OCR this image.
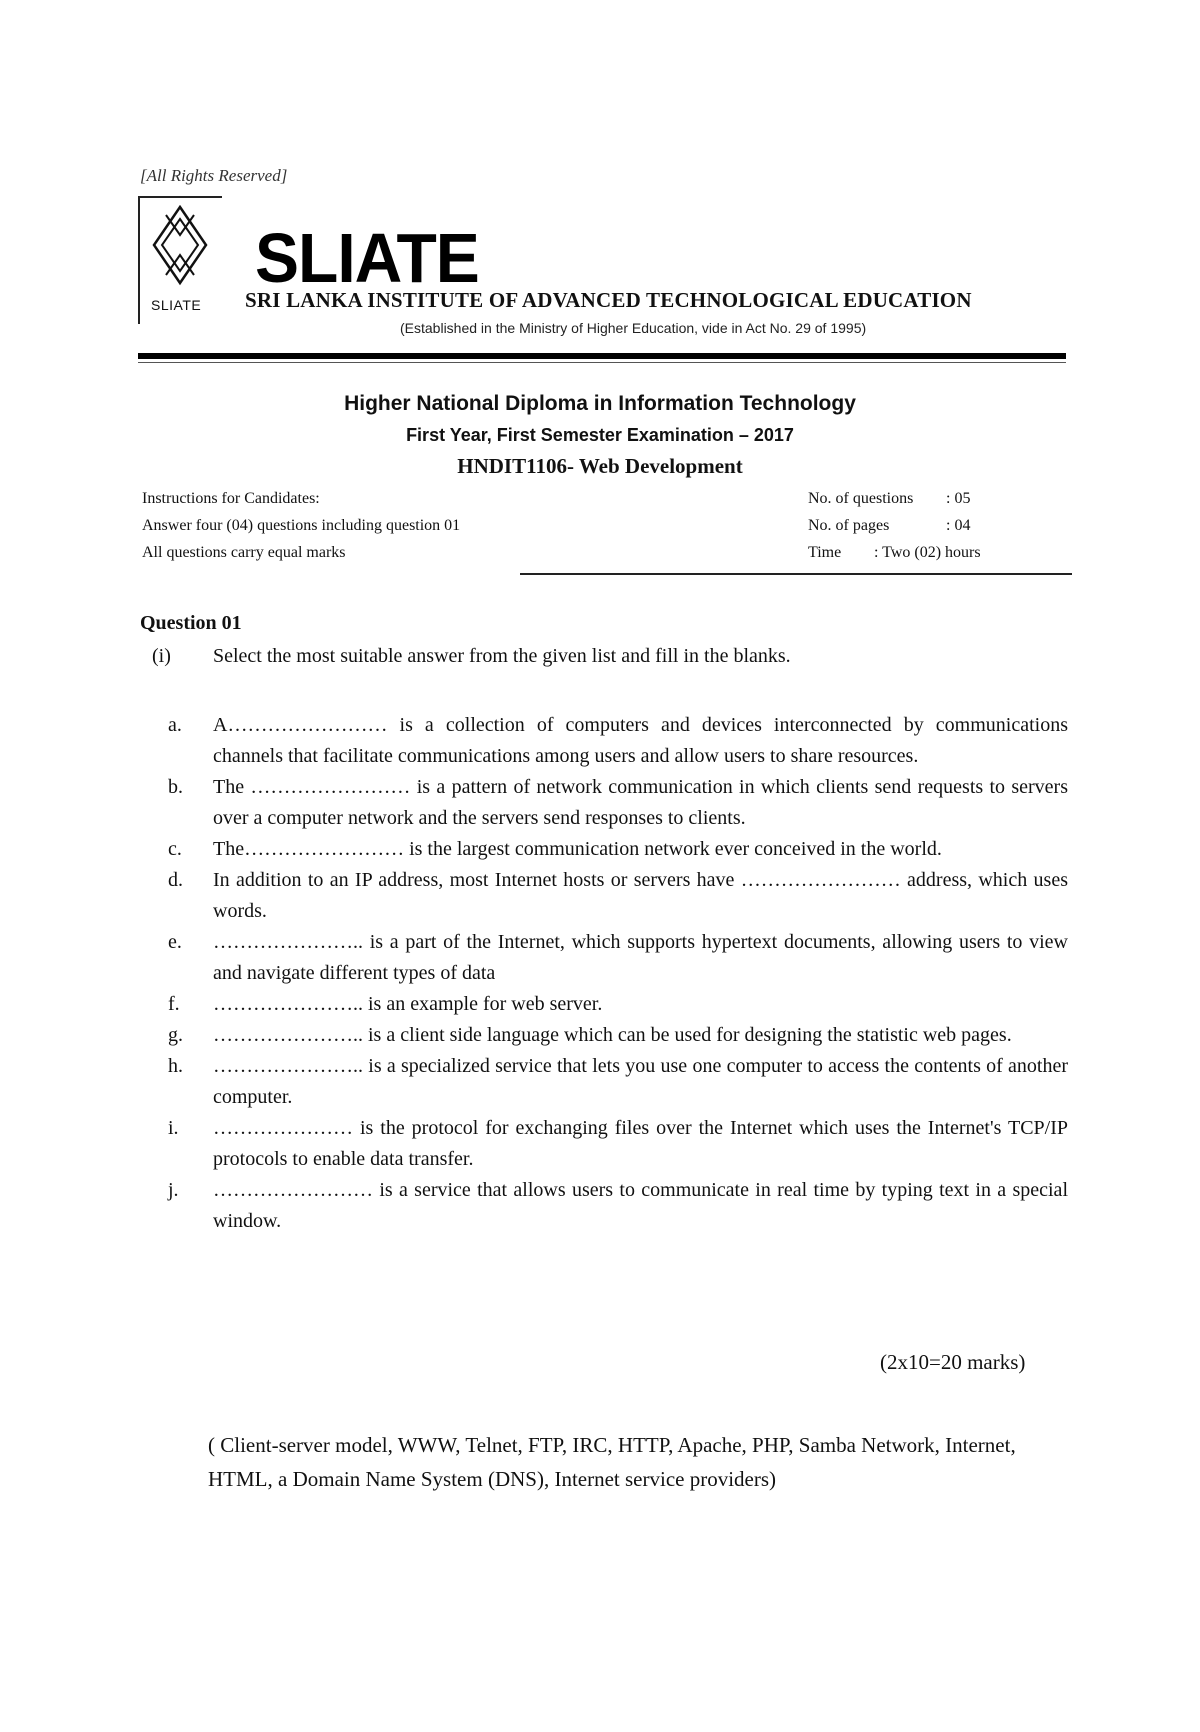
[All Rights Reserved]
SLIATE
SLIATE
SRI LANKA INSTITUTE OF ADVANCED TECHNOLOGICAL EDUCATION
(Established in the Ministry of Higher Education, vide in Act No. 29 of 1995)
Higher National Diploma in Information Technology
First Year, First Semester Examination – 2017
HNDIT1106- Web Development
Instructions for Candidates:
Answer four (04) questions including question 01
All questions carry equal marks
No. of questions : 05
No. of pages	: 04
Time : Two (02) hours
Question 01
(i) Select the most suitable answer from the given list and fill in the blanks.
a.	A…………………… is a collection of computers and devices interconnected by communications channels that facilitate communications among users and allow users to share resources.
b.	The …………………… is a pattern of network communication in which clients send requests to servers over a computer network and the servers send responses to clients.
c.	The…………………… is the largest communication network ever conceived in the world.
d.	In addition to an IP address, most Internet hosts or servers have …………………… address, which uses words.
e.	………………….. is a part of the Internet, which supports hypertext documents, allowing users to view and navigate different types of data
f.	………………….. is an example for web server.
g.	………………….. is a client side language which can be used for designing the statistic web pages.
h.	………………….. is a specialized service that lets you use one computer to access the contents of another computer.
i.	………………… is the protocol for exchanging files over the Internet which uses the Internet's TCP/IP protocols to enable data transfer.
j.	…………………… is a service that allows users to communicate in real time by typing text in a special window.
(2x10=20 marks)
( Client-server model, WWW, Telnet, FTP, IRC, HTTP, Apache, PHP, Samba Network, Internet, HTML, a Domain Name System (DNS), Internet service providers)
